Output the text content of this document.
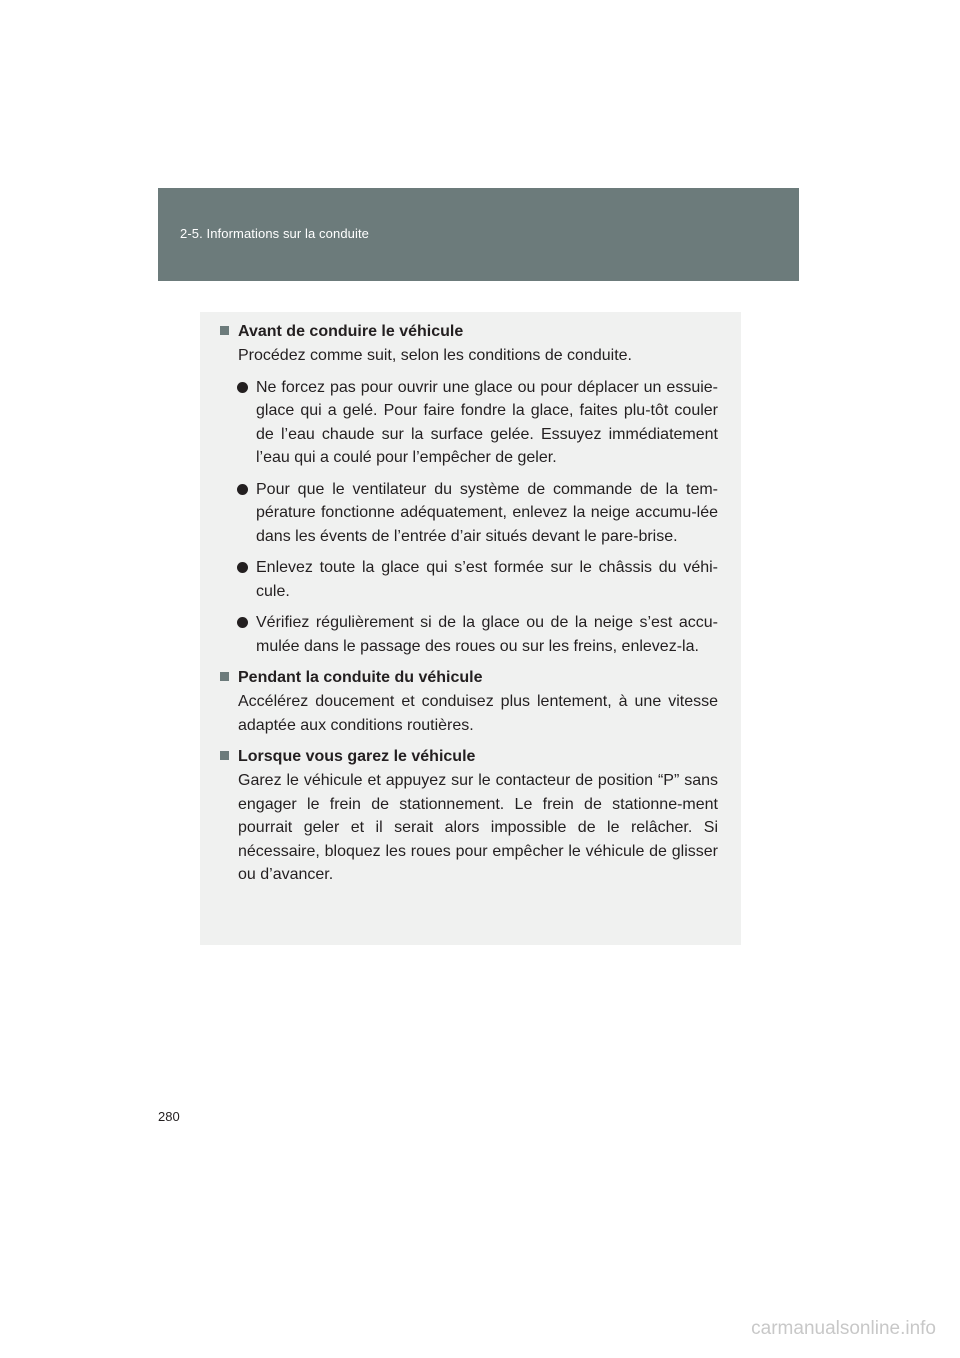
2-5. Informations sur la conduite
Avant de conduire le véhicule

Procédez comme suit, selon les conditions de conduite.

Ne forcez pas pour ouvrir une glace ou pour déplacer un essuie-glace qui a gelé. Pour faire fondre la glace, faites plu-tôt couler de l’eau chaude sur la surface gelée. Essuyez immédiatement l’eau qui a coulé pour l’empêcher de geler.
Pour que le ventilateur du système de commande de la tem-pérature fonctionne adéquatement, enlevez la neige accumu-lée dans les évents de l’entrée d’air situés devant le pare-brise.
Enlevez toute la glace qui s’est formée sur le châssis du véhi-cule.
Vérifiez régulièrement si de la glace ou de la neige s’est accu-mulée dans le passage des roues ou sur les freins, enlevez-la.
Pendant la conduite du véhicule

Accélérez doucement et conduisez plus lentement, à une vitesse adaptée aux conditions routières.

Lorsque vous garez le véhicule

Garez le véhicule et appuyez sur le contacteur de position “P” sans engager le frein de stationnement. Le frein de stationne-ment pourrait geler et il serait alors impossible de le relâcher. Si nécessaire, bloquez les roues pour empêcher le véhicule de glisser ou d’avancer.

280
carmanualsonline.info
